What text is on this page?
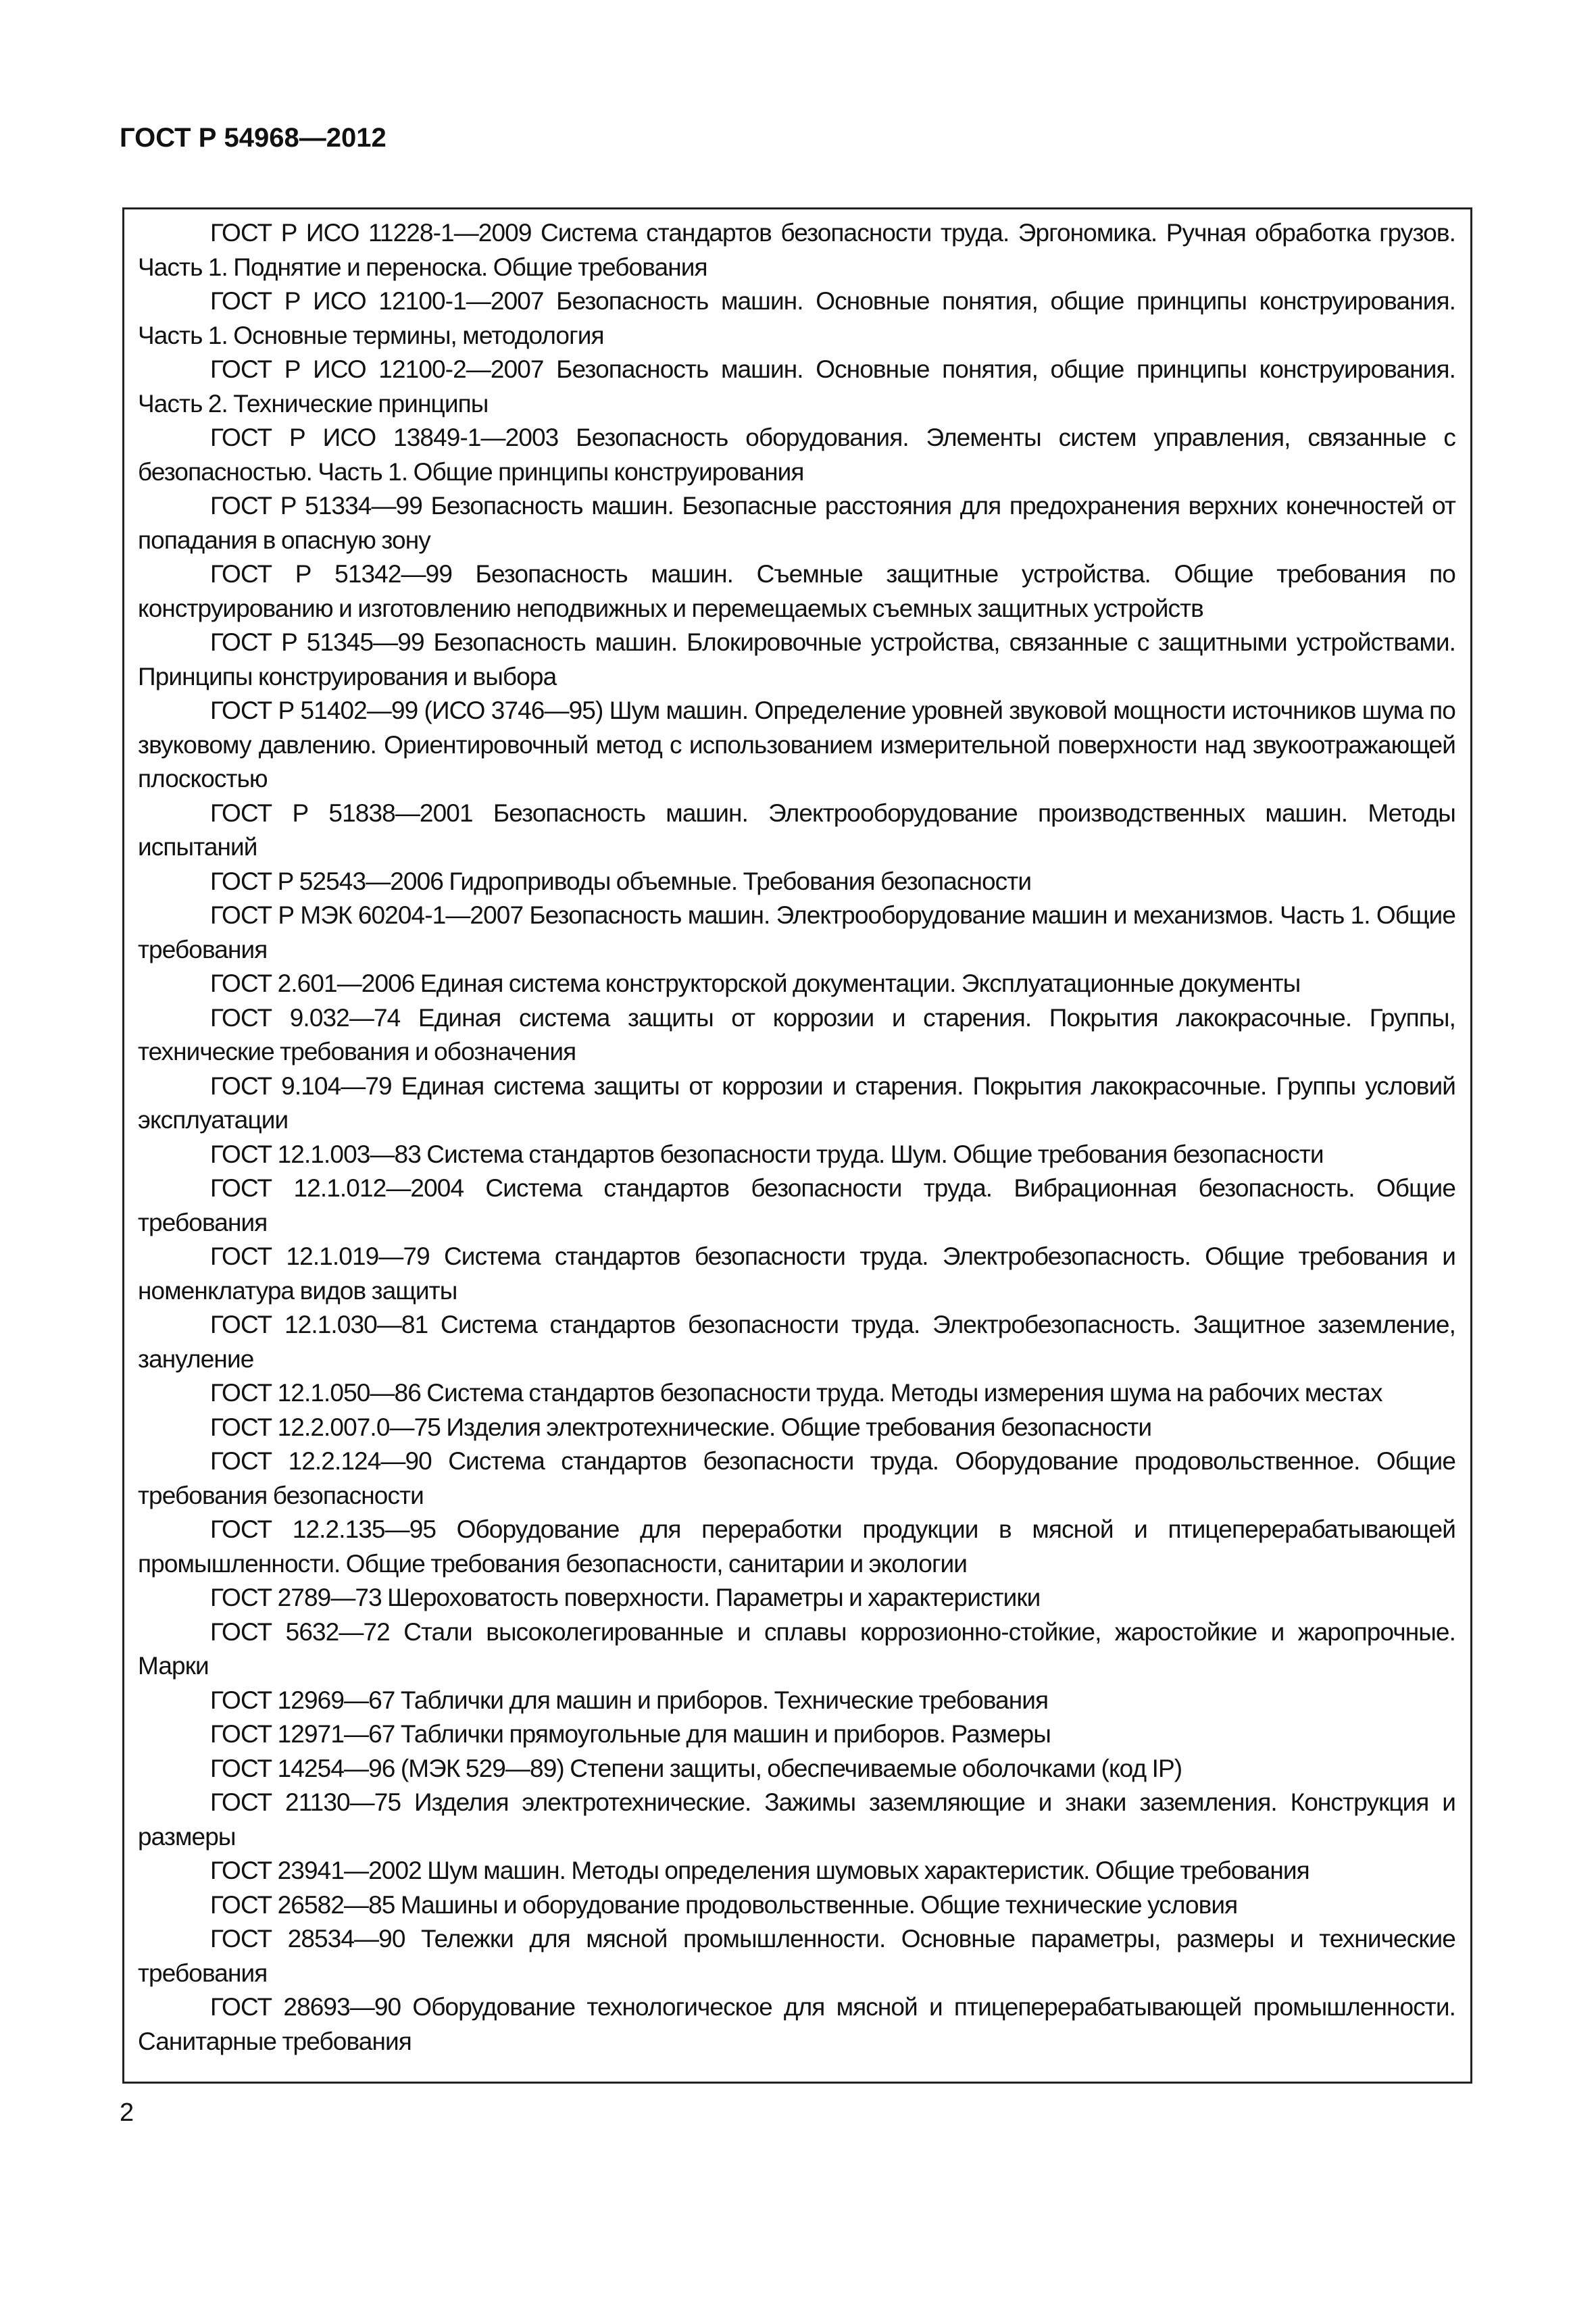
ГОСТ Р 54968—2012
ГОСТ Р ИСО 11228-1—2009 Система стандартов безопасности труда. Эргономика. Ручная обработка грузов. Часть 1. Поднятие и переноска. Общие требования
ГОСТ Р ИСО 12100-1—2007 Безопасность машин. Основные понятия, общие принципы конструирования. Часть 1. Основные термины, методология
ГОСТ Р ИСО 12100-2—2007 Безопасность машин. Основные понятия, общие принципы конструирования. Часть 2. Технические принципы
ГОСТ Р ИСО 13849-1—2003 Безопасность оборудования. Элементы систем управления, связанные с безопасностью. Часть 1. Общие принципы конструирования
ГОСТ Р 51334—99 Безопасность машин. Безопасные расстояния для предохранения верхних конечностей от попадания в опасную зону
ГОСТ Р 51342—99 Безопасность машин. Съемные защитные устройства. Общие требования по конструированию и изготовлению неподвижных и перемещаемых съемных защитных устройств
ГОСТ Р 51345—99 Безопасность машин. Блокировочные устройства, связанные с защитными устройствами. Принципы конструирования и выбора
ГОСТ Р 51402—99 (ИСО 3746—95) Шум машин. Определение уровней звуковой мощности источников шума по звуковому давлению. Ориентировочный метод с использованием измерительной поверхности над звукоотражающей плоскостью
ГОСТ Р 51838—2001 Безопасность машин. Электрооборудование производственных машин. Методы испытаний
ГОСТ Р 52543—2006 Гидроприводы объемные. Требования безопасности
ГОСТ Р МЭК 60204-1—2007 Безопасность машин. Электрооборудование машин и механизмов. Часть 1. Общие требования
ГОСТ 2.601—2006 Единая система конструкторской документации. Эксплуатационные документы
ГОСТ 9.032—74 Единая система защиты от коррозии и старения. Покрытия лакокрасочные. Группы, технические требования и обозначения
ГОСТ 9.104—79 Единая система защиты от коррозии и старения. Покрытия лакокрасочные. Группы условий эксплуатации
ГОСТ 12.1.003—83 Система стандартов безопасности труда. Шум. Общие требования безопасности
ГОСТ 12.1.012—2004 Система стандартов безопасности труда. Вибрационная безопасность. Общие требования
ГОСТ 12.1.019—79 Система стандартов безопасности труда. Электробезопасность. Общие требования и номенклатура видов защиты
ГОСТ 12.1.030—81 Система стандартов безопасности труда. Электробезопасность. Защитное заземление, зануление
ГОСТ 12.1.050—86 Система стандартов безопасности труда. Методы измерения шума на рабочих местах
ГОСТ 12.2.007.0—75 Изделия электротехнические. Общие требования безопасности
ГОСТ 12.2.124—90 Система стандартов безопасности труда. Оборудование продовольственное. Общие требования безопасности
ГОСТ 12.2.135—95 Оборудование для переработки продукции в мясной и птицеперерабатывающей промышленности. Общие требования безопасности, санитарии и экологии
ГОСТ 2789—73 Шероховатость поверхности. Параметры и характеристики
ГОСТ 5632—72 Стали высоколегированные и сплавы коррозионно-стойкие, жаростойкие и жаропрочные. Марки
ГОСТ 12969—67 Таблички для машин и приборов. Технические требования
ГОСТ 12971—67 Таблички прямоугольные для машин и приборов. Размеры
ГОСТ 14254—96 (МЭК 529—89) Степени защиты, обеспечиваемые оболочками (код IP)
ГОСТ 21130—75 Изделия электротехнические. Зажимы заземляющие и знаки заземления. Конструкция и размеры
ГОСТ 23941—2002 Шум машин. Методы определения шумовых характеристик. Общие требования
ГОСТ 26582—85 Машины и оборудование продовольственные. Общие технические условия
ГОСТ 28534—90 Тележки для мясной промышленности. Основные параметры, размеры и технические требования
ГОСТ 28693—90 Оборудование технологическое для мясной и птицеперерабатывающей промышленности. Санитарные требования

2
